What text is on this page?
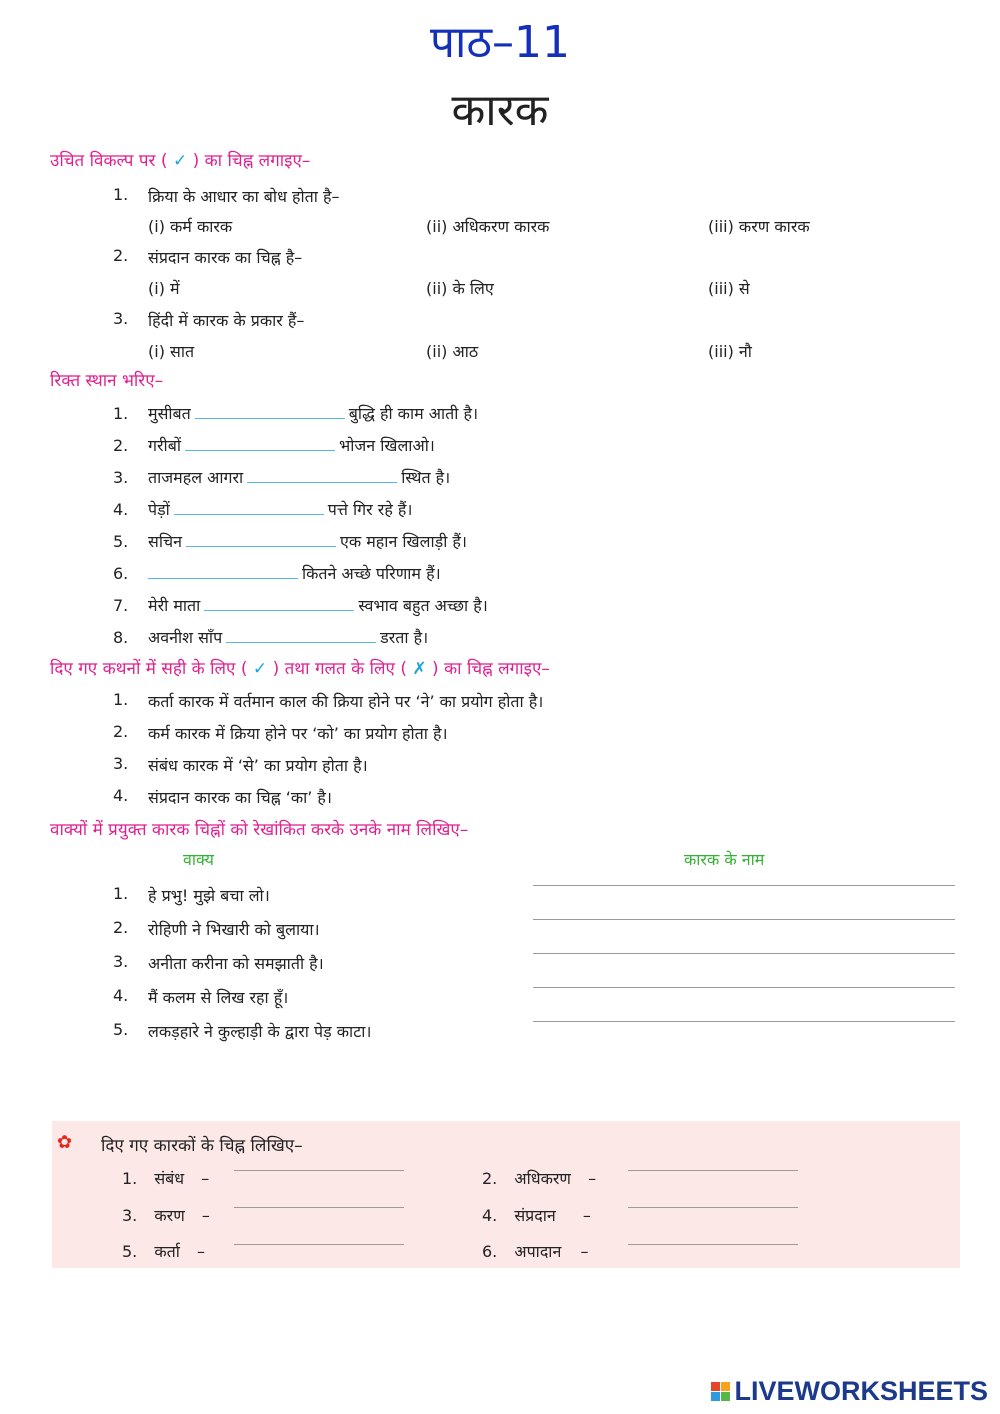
पाठ–11
कारक
उचित विकल्प पर ( ✓ ) का चिह्न लगाइए–
1. क्रिया के आधार का बोध होता है–
(i) कर्म कारक	(ii) अधिकरण कारक	(iii) करण कारक
2. संप्रदान कारक का चिह्न है–
(i) में	(ii) के लिए	(iii) से
3. हिंदी में कारक के प्रकार हैं–
(i) सात	(ii) आठ	(iii) नौ
रिक्त स्थान भरिए–
1. मुसीबत	बुद्धि ही काम आती है।
2. गरीबों	भोजन खिलाओ।
3. ताजमहल आगरा	स्थित है।
4. पेड़ों	पत्ते गिर रहे हैं।
5. सचिन	एक महान खिलाड़ी हैं।
6.	कितने अच्छे परिणाम हैं।
7. मेरी माता	स्वभाव बहुत अच्छा है।
8. अवनीश साँप	डरता है।
दिए गए कथनों में सही के लिए ( ✓ ) तथा गलत के लिए ( ✗ ) का चिह्न लगाइए–
1. कर्ता कारक में वर्तमान काल की क्रिया होने पर ‘ने’ का प्रयोग होता है।
2. कर्म कारक में क्रिया होने पर ‘को’ का प्रयोग होता है।
3. संबंध कारक में ‘से’ का प्रयोग होता है।
4. संप्रदान कारक का चिह्न ‘का’ है।
वाक्यों में प्रयुक्त कारक चिह्नों को रेखांकित करके उनके नाम लिखिए–
वाक्य	कारक के नाम
1. हे प्रभु! मुझे बचा लो।
2. रोहिणी ने भिखारी को बुलाया।
3. अनीता करीना को समझाती है।
4. मैं कलम से लिख रहा हूँ।
5. लकड़हारे ने कुल्हाड़ी के द्वारा पेड़ काटा।
✿ दिए गए कारकों के चिह्न लिखिए–
1. संबंध –	2. अधिकरण –
3. करण –	4. संप्रदान –
5. कर्ता –	6. अपादान –
LIVEWORKSHEETS
